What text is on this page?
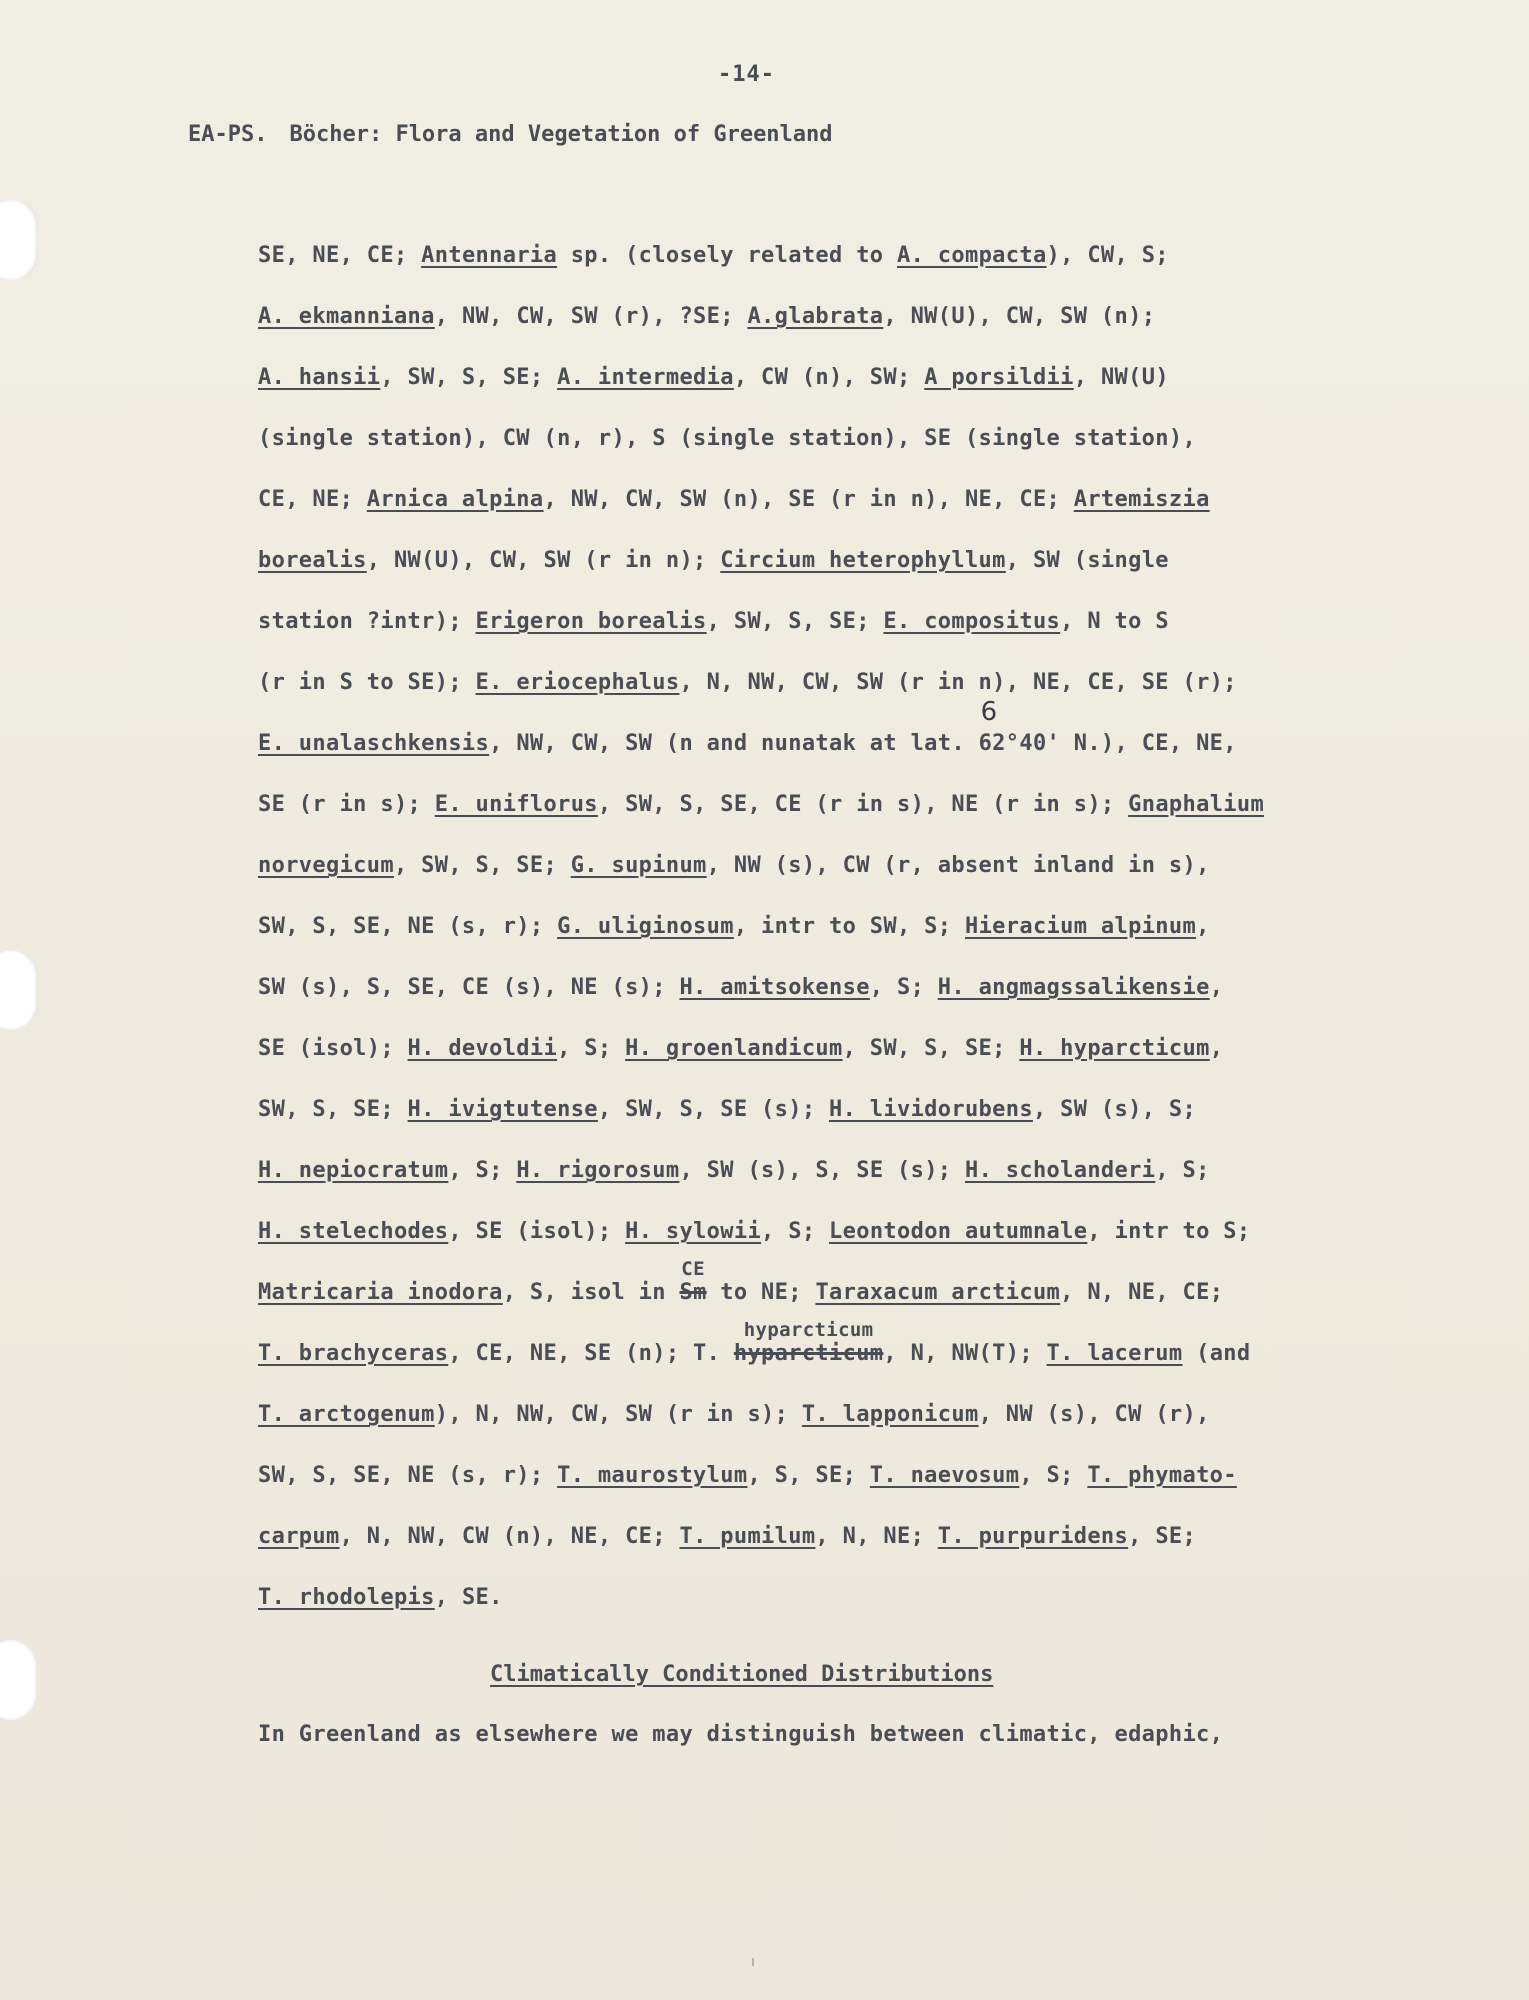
-14-
EA-PS. Böcher: Flora and Vegetation of Greenland
SE, NE, CE; Antennaria sp. (closely related to A. compacta), CW, S;
A. ekmanniana, NW, CW, SW (r), ?SE; A.glabrata, NW(U), CW, SW (n);
A. hansii, SW, S, SE; A. intermedia, CW (n), SW; A porsildii, NW(U)
(single station), CW (n, r), S (single station), SE (single station),
CE, NE; Arnica alpina, NW, CW, SW (n), SE (r in n), NE, CE; Artemiszia
borealis, NW(U), CW, SW (r in n); Circium heterophyllum, SW (single
station ?intr); Erigeron borealis, SW, S, SE; E. compositus, N to S
(r in S to SE); E. eriocephalus, N, NW, CW, SW (r in n), NE, CE, SE (r);
E. unalaschkensis, NW, CW, SW (n and nunatak at lat. 62°40'
6
N.), CE, NE,
SE (r in s); E. uniflorus, SW, S, SE, CE (r in s), NE (r in s); Gnaphalium
norvegicum, SW, S, SE; G. supinum, NW (s), CW (r, absent inland in s),
SW, S, SE, NE (s, r); G. uliginosum, intr to SW, S; Hieracium alpinum,
SW (s), S, SE, CE (s), NE (s); H. amitsokense, S; H. angmagssalikensie,
SE (isol); H. devoldii, S; H. groenlandicum, SW, S, SE; H. hyparcticum,
SW, S, SE; H. ivigtutense, SW, S, SE (s); H. lividorubens, SW (s), S;
H. nepiocratum, S; H. rigorosum, SW (s), S, SE (s); H. scholanderi, S;
H. stelechodes, SE (isol); H. sylowii, S; Leontodon autumnale, intr to S;
Matricaria inodora, S, isol in Sm
CE
to NE; Taraxacum arcticum, N, NE, CE;
T. brachyceras, CE, NE, SE (n); T. hyparcticum
hyparcticum
, N, NW(T); T. lacerum (and
T. arctogenum), N, NW, CW, SW (r in s); T. lapponicum, NW (s), CW (r),
SW, S, SE, NE (s, r); T. maurostylum, S, SE; T. naevosum, S; T. phymato-
carpum, N, NW, CW (n), NE, CE; T. pumilum, N, NE; T. purpuridens, SE;
T. rhodolepis, SE.
Climatically Conditioned Distributions
In Greenland as elsewhere we may distinguish between climatic, edaphic,
